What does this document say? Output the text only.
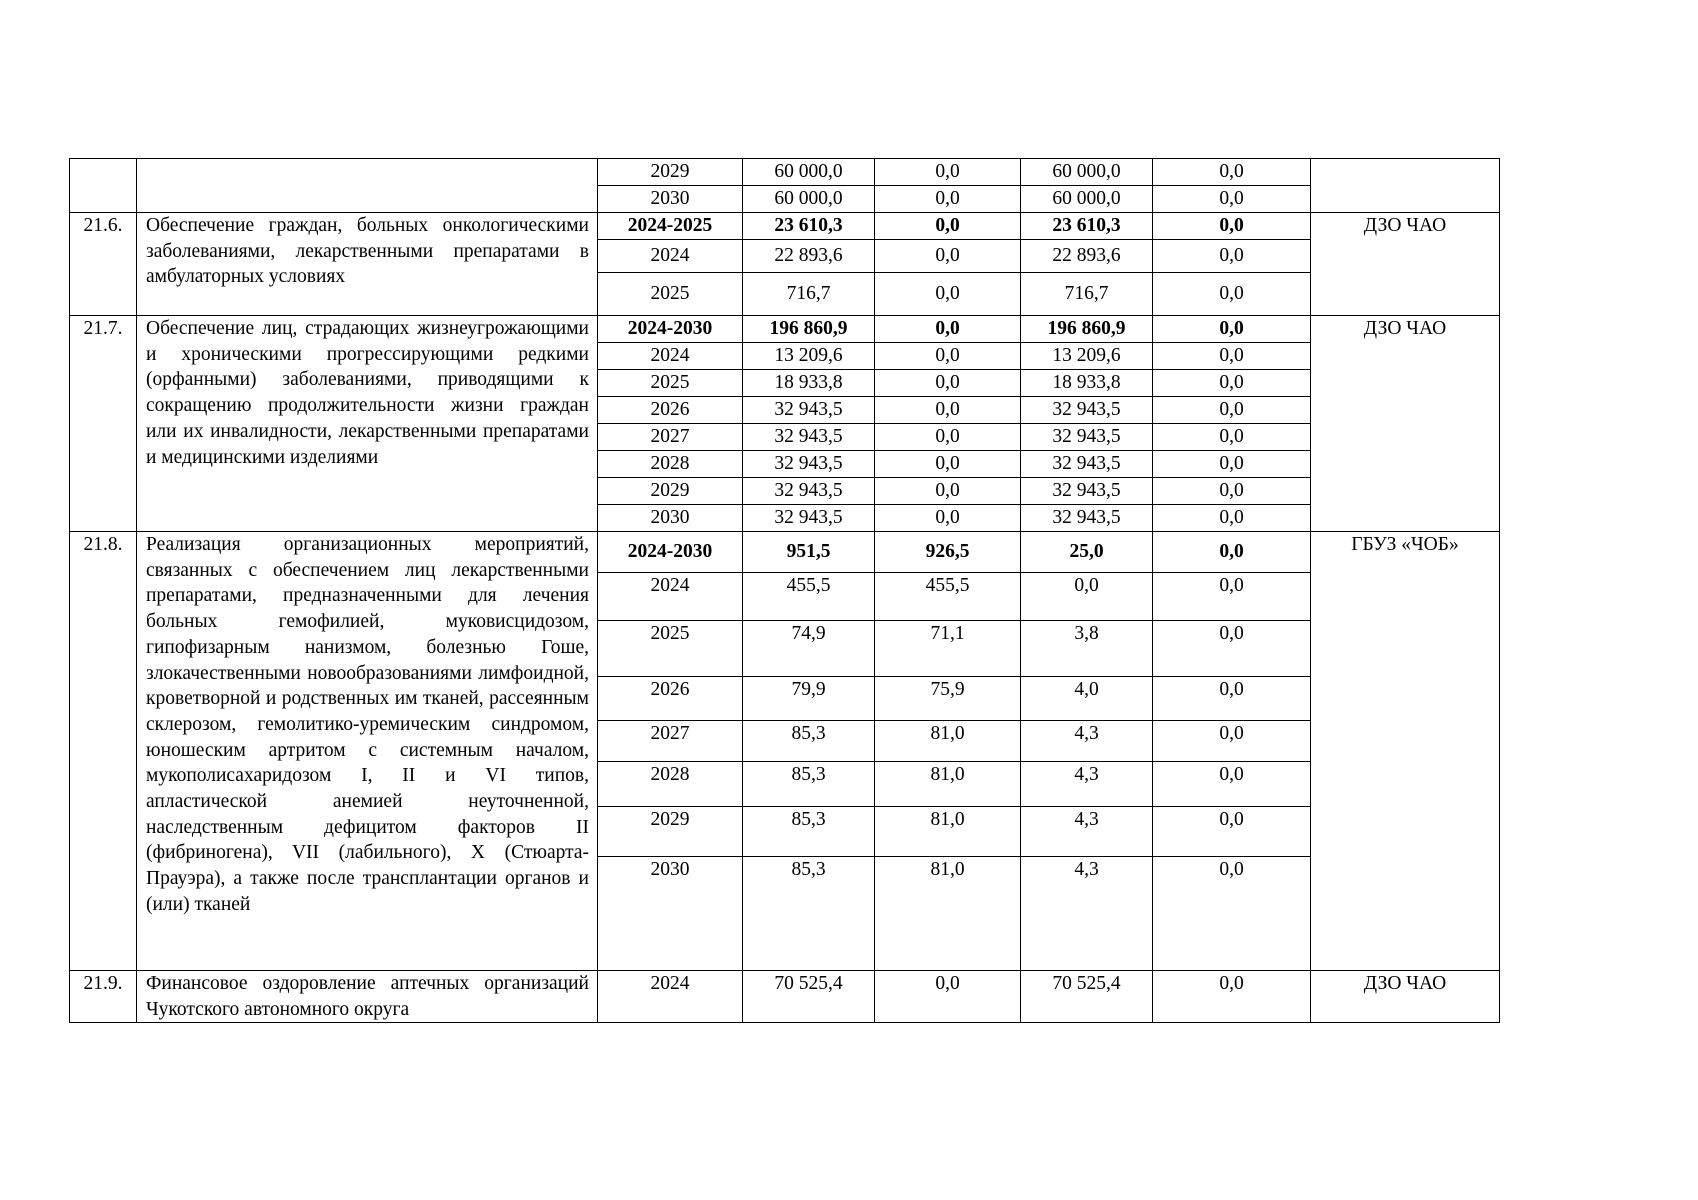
		2029	60 000,0	0,0	60 000,0	0,0	
		2030	60 000,0	0,0	60 000,0	0,0	
21.6.	Обеспечение граждан, больных онкологическими заболеваниями, лекарственными препаратами в амбулаторных условиях	2024-2025	23 610,3	0,0	23 610,3	0,0	ДЗО ЧАО
		2024	22 893,6	0,0	22 893,6	0,0	
		2025	716,7	0,0	716,7	0,0	
21.7.	Обеспечение лиц, страдающих жизнеугрожающими и хроническими прогрессирующими редкими (орфанными) заболеваниями, приводящими к сокращению продолжительности жизни граждан или их инвалидности, лекарственными препаратами и медицинскими изделиями	2024-2030	196 860,9	0,0	196 860,9	0,0	ДЗО ЧАО
		2024	13 209,6	0,0	13 209,6	0,0	
		2025	18 933,8	0,0	18 933,8	0,0	
		2026	32 943,5	0,0	32 943,5	0,0	
		2027	32 943,5	0,0	32 943,5	0,0	
		2028	32 943,5	0,0	32 943,5	0,0	
		2029	32 943,5	0,0	32 943,5	0,0	
		2030	32 943,5	0,0	32 943,5	0,0	
21.8.	Реализация организационных мероприятий, связанных с обеспечением лиц лекарственными препаратами, предназначенными для лечения больных гемофилией, муковисцидозом, гипофизарным нанизмом, болезнью Гоше, злокачественными новообразованиями лимфоидной, кроветворной и родственных им тканей, рассеянным склерозом, гемолитико-уремическим синдромом, юношеским артритом с системным началом, мукополисахаридозом I, II и VI типов, апластической анемией неуточненной, наследственным дефицитом факторов II (фибриногена), VII (лабильного), X (Стюарта-Прауэра), а также после трансплантации органов и (или) тканей	2024-2030	951,5	926,5	25,0	0,0	ГБУЗ «ЧОБ»
		2024	455,5	455,5	0,0	0,0	
		2025	74,9	71,1	3,8	0,0	
		2026	79,9	75,9	4,0	0,0	
		2027	85,3	81,0	4,3	0,0	
		2028	85,3	81,0	4,3	0,0	
		2029	85,3	81,0	4,3	0,0	
		2030	85,3	81,0	4,3	0,0	
21.9.	Финансовое оздоровление аптечных организаций Чукотского автономного округа	2024	70 525,4	0,0	70 525,4	0,0	ДЗО ЧАО
